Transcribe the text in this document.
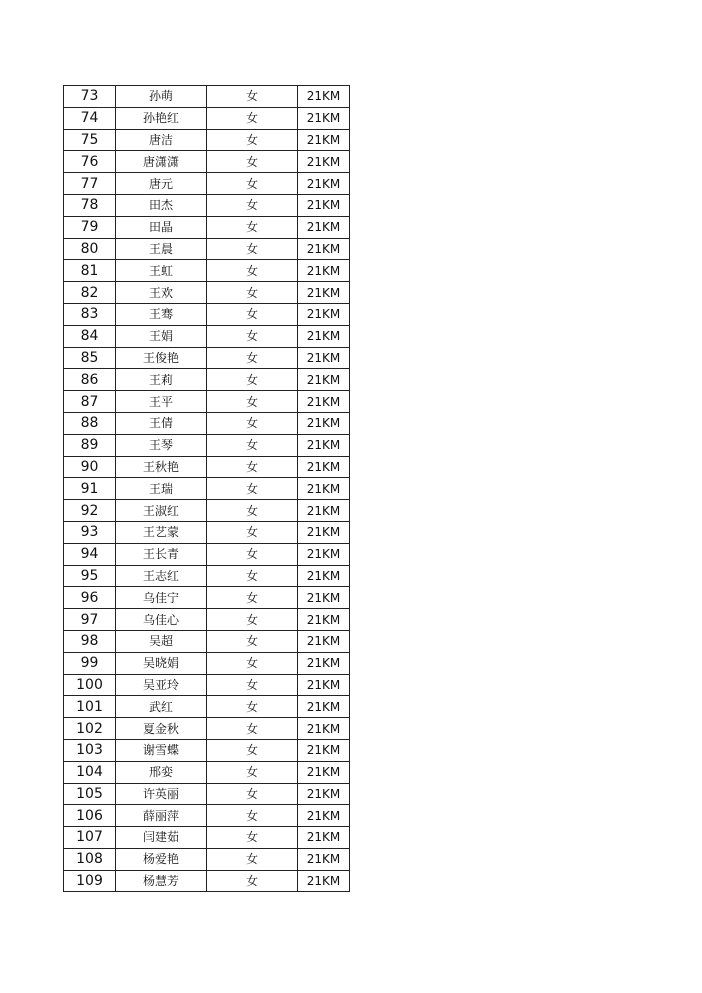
73	孙萌	女	21KM
74	孙艳红	女	21KM
75	唐洁	女	21KM
76	唐潇潇	女	21KM
77	唐元	女	21KM
78	田杰	女	21KM
79	田晶	女	21KM
80	王晨	女	21KM
81	王虹	女	21KM
82	王欢	女	21KM
83	王骞	女	21KM
84	王娟	女	21KM
85	王俊艳	女	21KM
86	王莉	女	21KM
87	王平	女	21KM
88	王倩	女	21KM
89	王琴	女	21KM
90	王秋艳	女	21KM
91	王瑞	女	21KM
92	王淑红	女	21KM
93	王艺蒙	女	21KM
94	王长青	女	21KM
95	王志红	女	21KM
96	乌佳宁	女	21KM
97	乌佳心	女	21KM
98	吴超	女	21KM
99	吴晓娟	女	21KM
100	吴亚玲	女	21KM
101	武红	女	21KM
102	夏金秋	女	21KM
103	谢雪蝶	女	21KM
104	邢娈	女	21KM
105	许英丽	女	21KM
106	薛丽萍	女	21KM
107	闫建茹	女	21KM
108	杨爱艳	女	21KM
109	杨慧芳	女	21KM
